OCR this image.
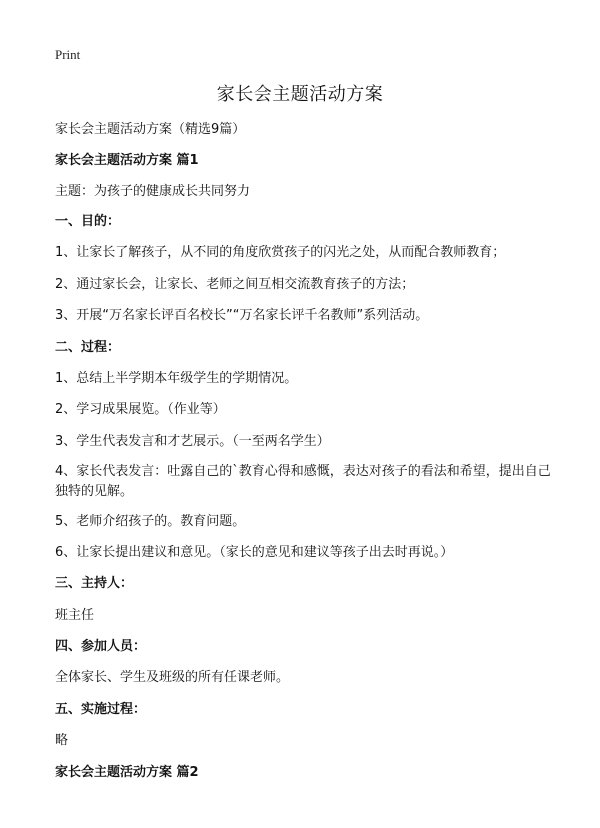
Print
家长会主题活动方案
家长会主题活动方案（精选9篇）
家长会主题活动方案 篇1
主题：为孩子的健康成长共同努力
一、目的：
1、让家长了解孩子，从不同的角度欣赏孩子的闪光之处，从而配合教师教育；
2、通过家长会，让家长、老师之间互相交流教育孩子的方法；
3、开展“万名家长评百名校长”“万名家长评千名教师”系列活动。
二、过程：
1、总结上半学期本年级学生的学期情况。
2、学习成果展览。（作业等）
3、学生代表发言和才艺展示。（一至两名学生）
4、家长代表发言：吐露自己的`教育心得和感慨，表达对孩子的看法和希望，提出自己独特的见解。
5、老师介绍孩子的。教育问题。
6、让家长提出建议和意见。（家长的意见和建议等孩子出去时再说。）
三、主持人：
班主任
四、参加人员：
全体家长、学生及班级的所有任课老师。
五、实施过程：
略
家长会主题活动方案 篇2
